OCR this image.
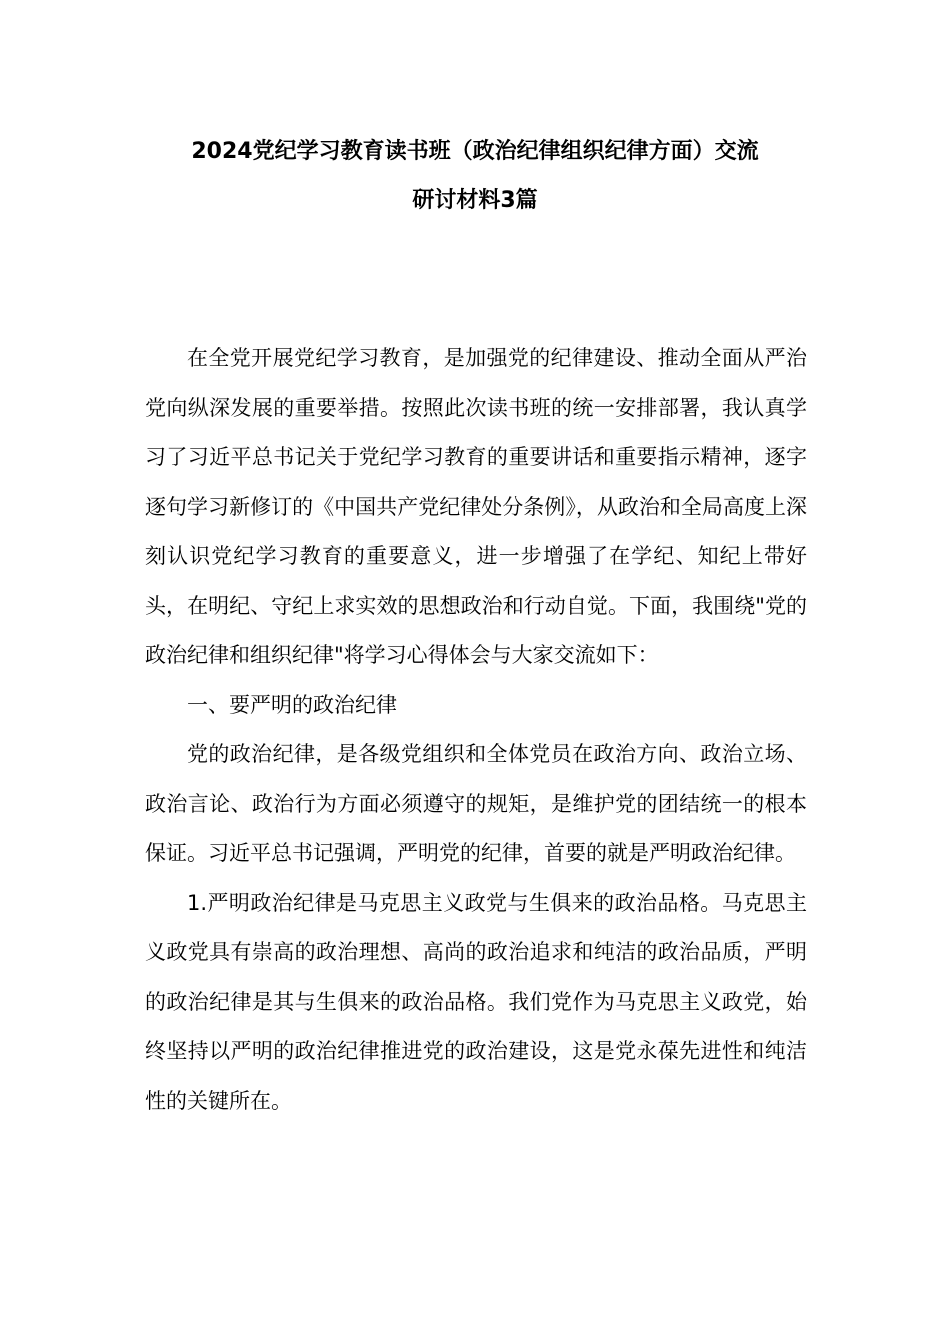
2024党纪学习教育读书班（政治纪律组织纪律方面）交流
研讨材料3篇

在全党开展党纪学习教育，是加强党的纪律建设、推动全面从严治党向纵深发展的重要举措。按照此次读书班的统一安排部署，我认真学习了习近平总书记关于党纪学习教育的重要讲话和重要指示精神，逐字逐句学习新修订的《中国共产党纪律处分条例》，从政治和全局高度上深刻认识党纪学习教育的重要意义，进一步增强了在学纪、知纪上带好头，在明纪、守纪上求实效的思想政治和行动自觉。下面，我围绕"党的政治纪律和组织纪律"将学习心得体会与大家交流如下：

一、要严明的政治纪律

党的政治纪律，是各级党组织和全体党员在政治方向、政治立场、政治言论、政治行为方面必须遵守的规矩，是维护党的团结统一的根本保证。习近平总书记强调，严明党的纪律，首要的就是严明政治纪律。

1.严明政治纪律是马克思主义政党与生俱来的政治品格。马克思主义政党具有崇高的政治理想、高尚的政治追求和纯洁的政治品质，严明的政治纪律是其与生俱来的政治品格。我们党作为马克思主义政党，始终坚持以严明的政治纪律推进党的政治建设，这是党永葆先进性和纯洁性的关键所在。
